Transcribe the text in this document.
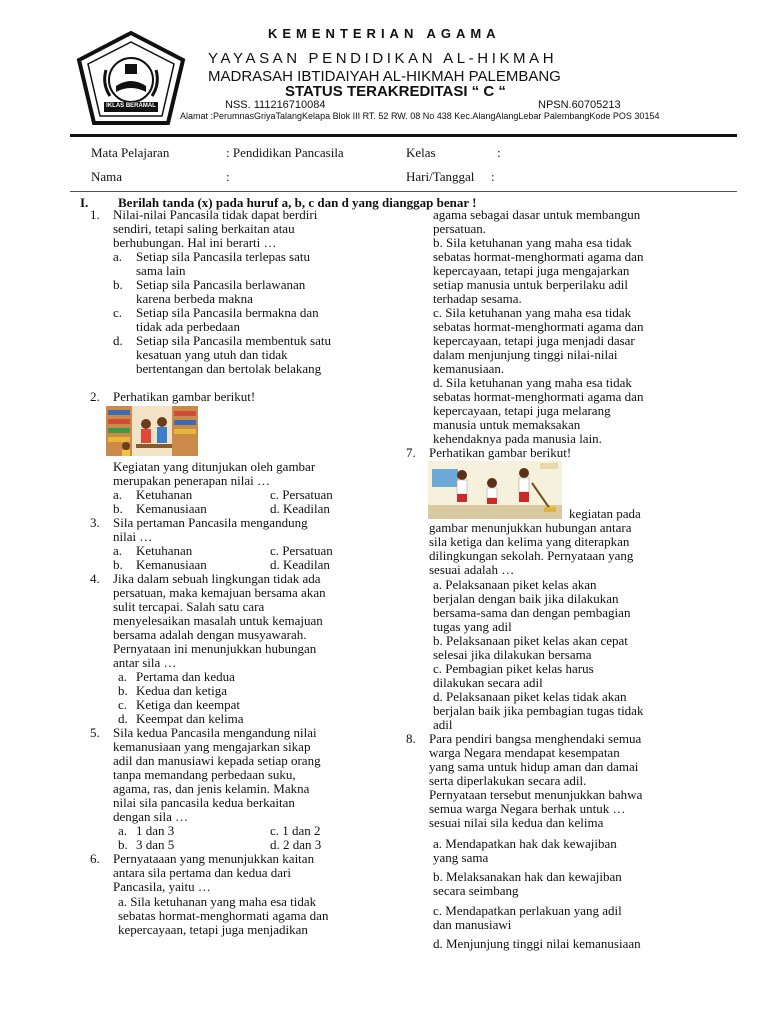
IKLAS BERAMAL
KEMENTERIAN AGAMA
YAYASAN PENDIDIKAN AL-HIKMAH
MADRASAH IBTIDAIYAH AL-HIKMAH PALEMBANG
STATUS TERAKREDITASI “ C “
NSS. 111216710084	NPSN.60705213
Alamat :PerumnasGriyaTalangKelapa Blok III RT. 52 RW. 08 No 438 Kec.AlangAlangLebar PalembangKode POS 30154
Mata Pelajaran	: Pendidikan Pancasila	Kelas	:
Nama	:	Hari/Tanggal :
I. Berilah tanda (x) pada huruf a, b, c dan d yang dianggap benar !
1. Nilai-nilai Pancasila tidak dapat berdiri
sendiri, tetapi saling berkaitan atau
berhubungan. Hal ini berarti …
a. Setiap sila Pancasila terlepas satu
sama lain
b. Setiap sila Pancasila berlawanan
karena berbeda makna
c. Setiap sila Pancasila bermakna dan
tidak ada perbedaan
d. Setiap sila Pancasila membentuk satu
kesatuan yang utuh dan tidak
bertentangan dan bertolak belakang
2. Perhatikan gambar berikut!
Kegiatan yang ditunjukan oleh gambar
merupakan penerapan nilai …
a. Ketuhanan	c. Persatuan
b. Kemanusiaan	d. Keadilan
3. Sila pertaman Pancasila mengandung
nilai …
a. Ketuhanan	c. Persatuan
b. Kemanusiaan	d. Keadilan
4. Jika dalam sebuah lingkungan tidak ada
persatuan, maka kemajuan bersama akan
sulit tercapai. Salah satu cara
menyelesaikan masalah untuk kemajuan
bersama adalah dengan musyawarah.
Pernyataan ini menunjukkan hubungan
antar sila …
a. Pertama dan kedua
b. Kedua dan ketiga
c. Ketiga dan keempat
d. Keempat dan kelima
5. Sila kedua Pancasila mengandung nilai
kemanusiaan yang mengajarkan sikap
adil dan manusiawi kepada setiap orang
tanpa memandang perbedaan suku,
agama, ras, dan jenis kelamin. Makna
nilai sila pancasila kedua berkaitan
dengan sila …
a. 1 dan 3	c. 1 dan 2
b. 3 dan 5	d. 2 dan 3
6. Pernyataaan yang menunjukkan kaitan
antara sila pertama dan kedua dari
Pancasila, yaitu …
a. Sila ketuhanan yang maha esa tidak
sebatas hormat-menghormati agama dan
kepercayaan, tetapi juga menjadikan
agama sebagai dasar untuk membangun
persatuan.
b. Sila ketuhanan yang maha esa tidak
sebatas hormat-menghormati agama dan
kepercayaan, tetapi juga mengajarkan
setiap manusia untuk berperilaku adil
terhadap sesama.
c. Sila ketuhanan yang maha esa tidak
sebatas hormat-menghormati agama dan
kepercayaan, tetapi juga menjadi dasar
dalam menjunjung tinggi nilai-nilai
kemanusiaan.
d. Sila ketuhanan yang maha esa tidak
sebatas hormat-menghormati agama dan
kepercayaan, tetapi juga melarang
manusia untuk memaksakan
kehendaknya pada manusia lain.
7. Perhatikan gambar berikut!
kegiatan pada
gambar menunjukkan hubungan antara
sila ketiga dan kelima yang diterapkan
dilingkungan sekolah. Pernyataan yang
sesuai adalah …
a. Pelaksanaan piket kelas akan
berjalan dengan baik jika dilakukan
bersama-sama dan dengan pembagian
tugas yang adil
b. Pelaksanaan piket kelas akan cepat
selesai jika dilakukan bersama
c. Pembagian piket kelas harus
dilakukan secara adil
d. Pelaksanaan piket kelas tidak akan
berjalan baik jika pembagian tugas tidak
adil
8. Para pendiri bangsa menghendaki semua
warga Negara mendapat kesempatan
yang sama untuk hidup aman dan damai
serta diperlakukan secara adil.
Pernyataan tersebut menunjukkan bahwa
semua warga Negara berhak untuk …
sesuai nilai sila kedua dan kelima
a. Mendapatkan hak dak kewajiban
yang sama
b. Melaksanakan hak dan kewajiban
secara seimbang
c. Mendapatkan perlakuan yang adil
dan manusiawi
d. Menjunjung tinggi nilai kemanusiaan
